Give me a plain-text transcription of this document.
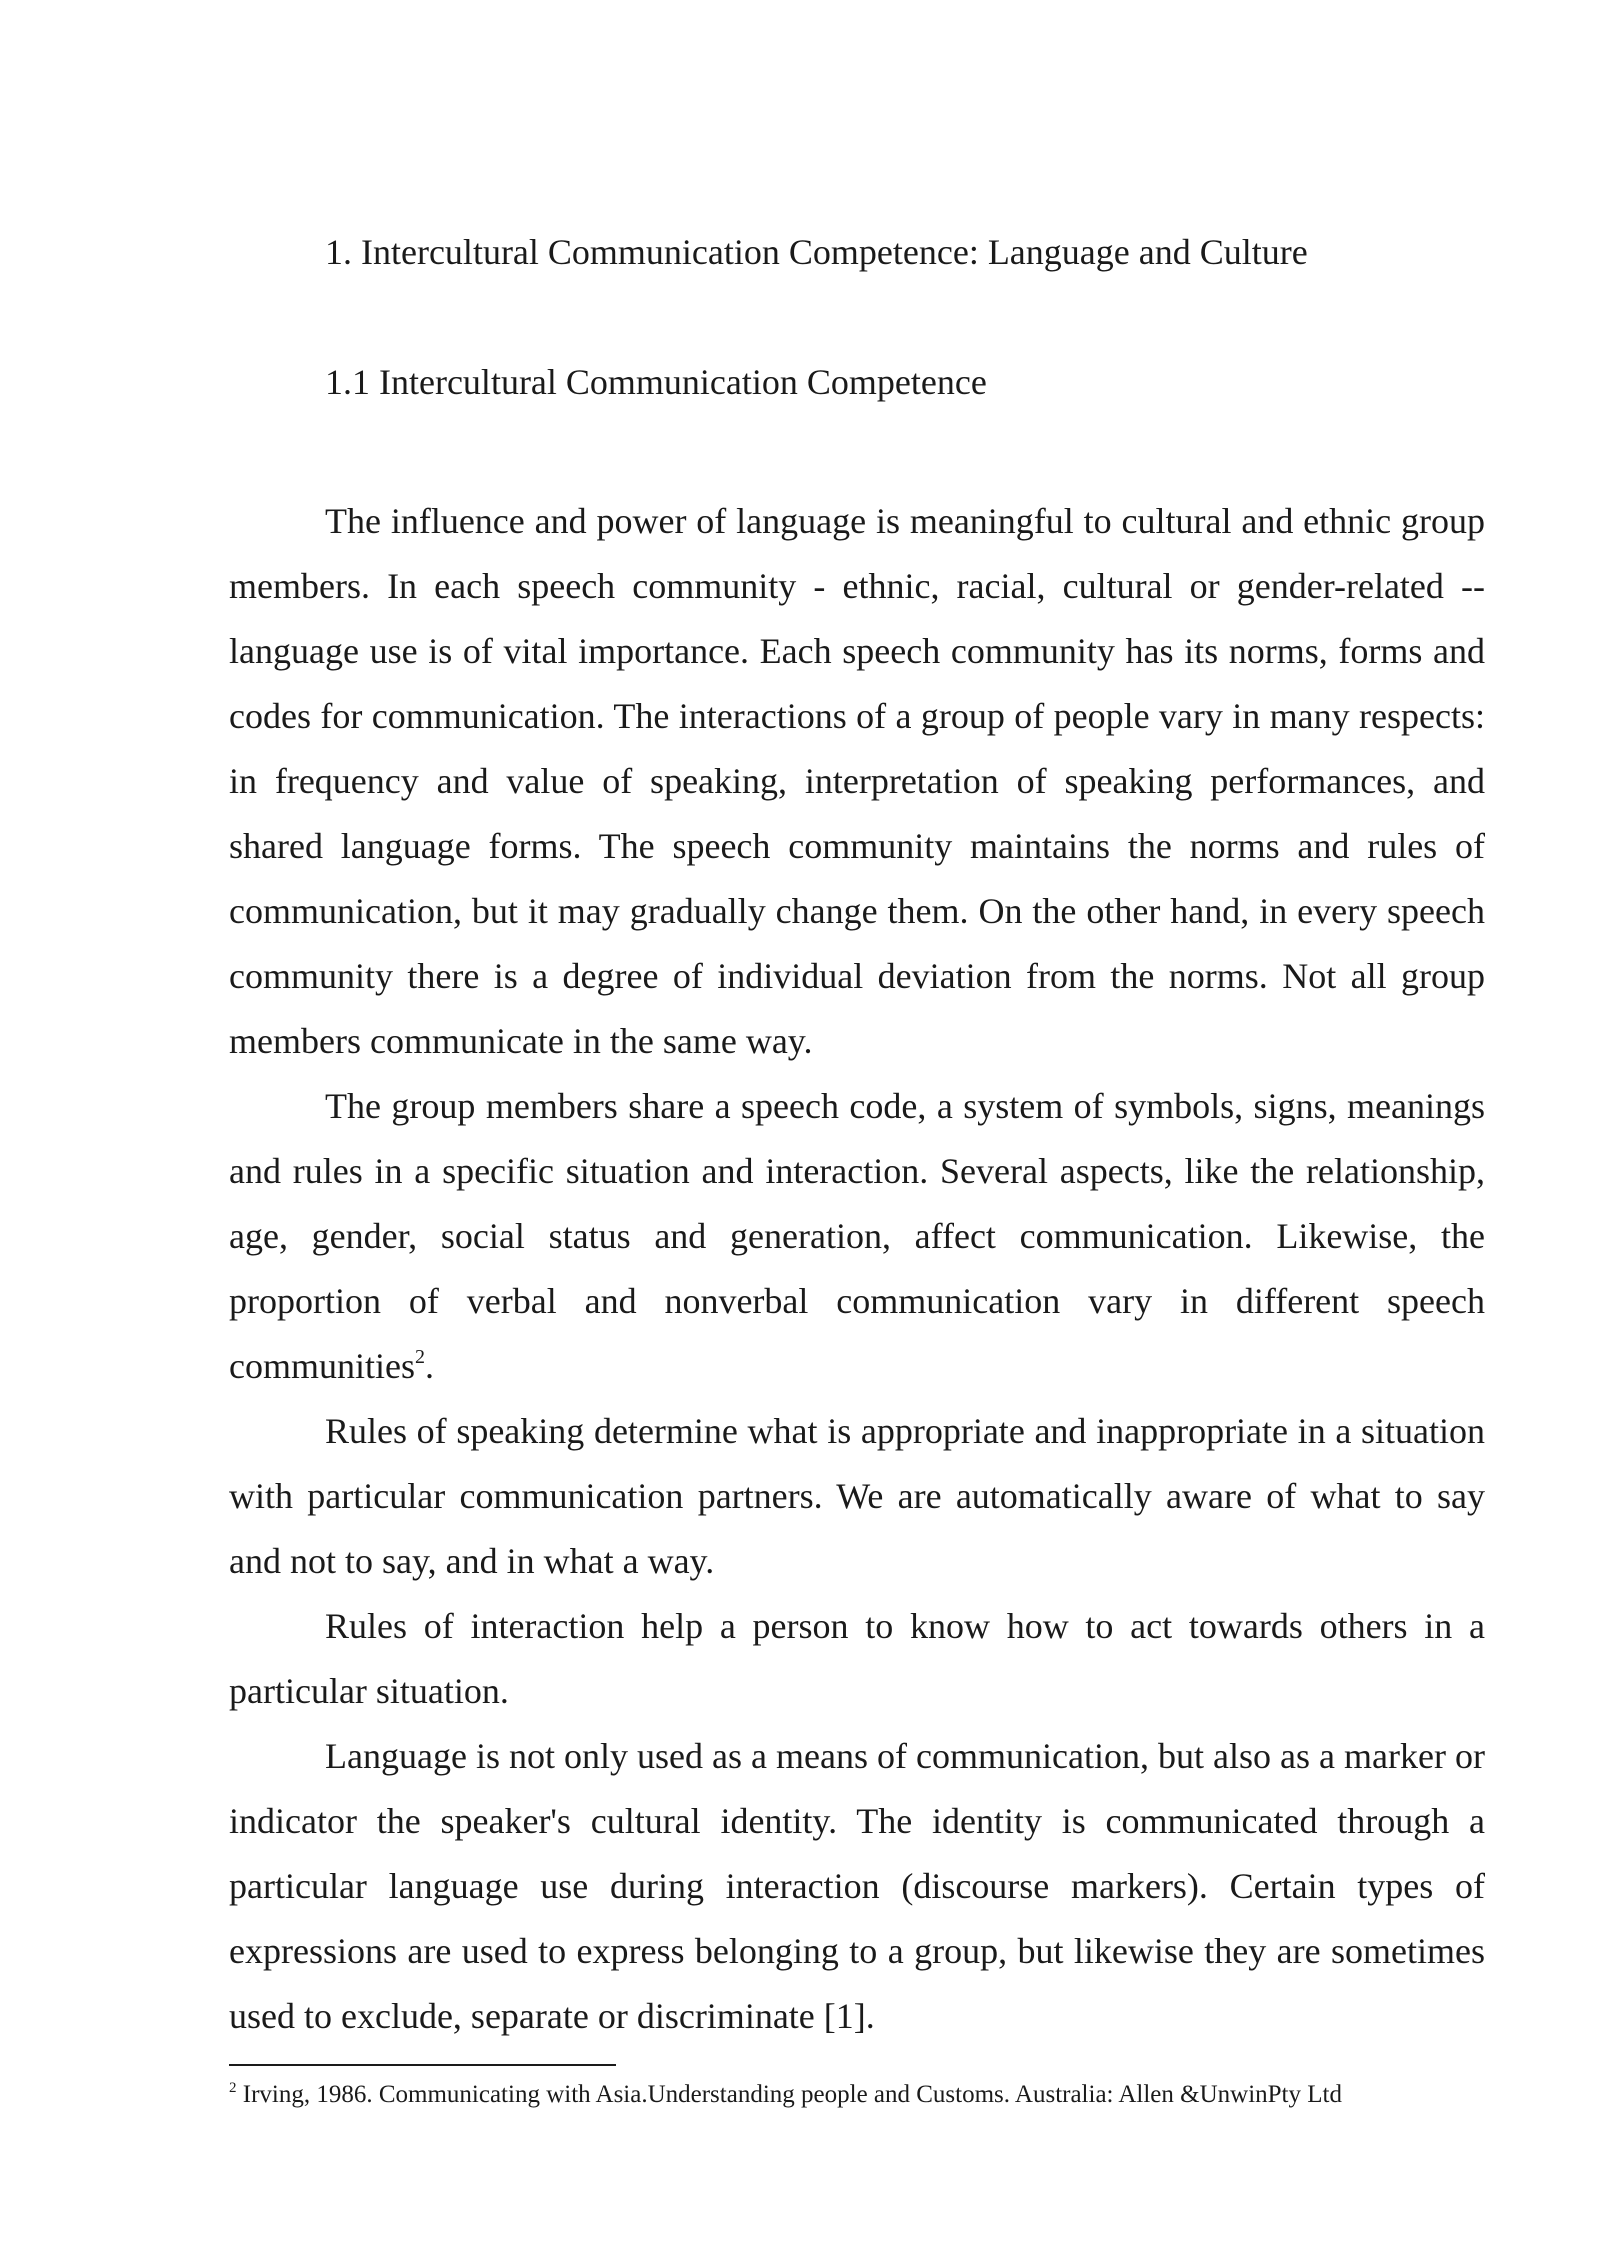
1. Intercultural Communication Competence: Language and Culture
1.1 Intercultural Communication Competence

The influence and power of language is meaningful to cultural and ethnic group members. In each speech community - ethnic, racial, cultural or gender-related -- language use is of vital importance. Each speech community has its norms, forms and codes for communication. The interactions of a group of people vary in many respects: in frequency and value of speaking, interpretation of speaking performances, and shared language forms. The speech community maintains the norms and rules of communication, but it may gradually change them. On the other hand, in every speech community there is a degree of individual deviation from the norms. Not all group members communicate in the same way.

The group members share a speech code, a system of symbols, signs, meanings and rules in a specific situation and interaction. Several aspects, like the relationship, age, gender, social status and generation, affect communication. Likewise, the proportion of verbal and nonverbal communication vary in different speech communities$^2$.

Rules of speaking determine what is appropriate and inappropriate in a situation with particular communication partners. We are automatically aware of what to say and not to say, and in what a way.

Rules of interaction help a person to know how to act towards others in a particular situation.

Language is not only used as a means of communication, but also as a marker or indicator the speaker's cultural identity. The identity is communicated through a particular language use during interaction (discourse markers). Certain types of expressions are used to express belonging to a group, but likewise they are sometimes used to exclude, separate or discriminate [1].

$^2$ Irving, 1986. Communicating with Asia.Understanding people and Customs. Australia: Allen &UnwinPty Ltd
